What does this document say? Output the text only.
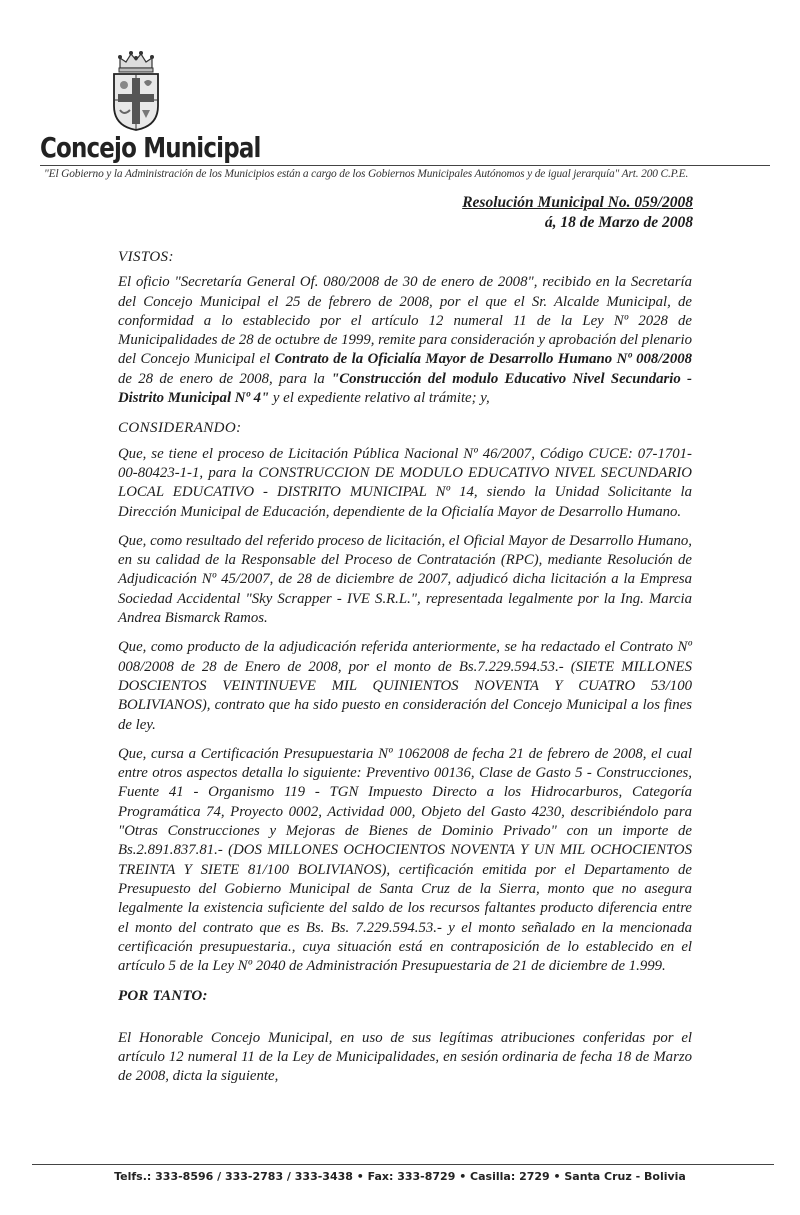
Concejo Municipal
"El Gobierno y la Administración de los Municipios están a cargo de los Gobiernos Municipales Autónomos y de igual jerarquía" Art. 200 C.P.E.
Resolución Municipal No. 059/2008
á, 18 de Marzo de 2008
VISTOS:

El oficio "Secretaría General Of. 080/2008 de 30 de enero de 2008", recibido en la Secretaría del Concejo Municipal el 25 de febrero de 2008, por el que el Sr. Alcalde Municipal, de conformidad a lo establecido por el artículo 12 numeral 11 de la Ley Nº 2028 de Municipalidades de 28 de octubre de 1999, remite para consideración y aprobación del plenario del Concejo Municipal el Contrato de la Oficialía Mayor de Desarrollo Humano Nº 008/2008 de 28 de enero de 2008, para la "Construcción del modulo Educativo Nivel Secundario - Distrito Municipal Nº 4" y el expediente relativo al trámite; y,

CONSIDERANDO:

Que, se tiene el proceso de Licitación Pública Nacional Nº 46/2007, Código CUCE: 07-1701-00-80423-1-1, para la CONSTRUCCION DE MODULO EDUCATIVO NIVEL SECUNDARIO LOCAL EDUCATIVO - DISTRITO MUNICIPAL Nº 14, siendo la Unidad Solicitante la Dirección Municipal de Educación, dependiente de la Oficialía Mayor de Desarrollo Humano.

Que, como resultado del referido proceso de licitación, el Oficial Mayor de Desarrollo Humano, en su calidad de la Responsable del Proceso de Contratación (RPC), mediante Resolución de Adjudicación Nº 45/2007, de 28 de diciembre de 2007, adjudicó dicha licitación a la Empresa Sociedad Accidental "Sky Scrapper - IVE S.R.L.", representada legalmente por la Ing. Marcia Andrea Bismarck Ramos.

Que, como producto de la adjudicación referida anteriormente, se ha redactado el Contrato Nº 008/2008 de 28 de Enero de 2008, por el monto de Bs.7.229.594.53.- (SIETE MILLONES DOSCIENTOS VEINTINUEVE MIL QUINIENTOS NOVENTA Y CUATRO 53/100 BOLIVIANOS), contrato que ha sido puesto en consideración del Concejo Municipal a los fines de ley.

Que, cursa a Certificación Presupuestaria Nº 1062008 de fecha 21 de febrero de 2008, el cual entre otros aspectos detalla lo siguiente: Preventivo 00136, Clase de Gasto 5 - Construcciones, Fuente 41 - Organismo 119 - TGN Impuesto Directo a los Hidrocarburos, Categoría Programática 74, Proyecto 0002, Actividad 000, Objeto del Gasto 4230, describiéndolo para "Otras Construcciones y Mejoras de Bienes de Dominio Privado" con un importe de Bs.2.891.837.81.- (DOS MILLONES OCHOCIENTOS NOVENTA Y UN MIL OCHOCIENTOS TREINTA Y SIETE 81/100 BOLIVIANOS), certificación emitida por el Departamento de Presupuesto del Gobierno Municipal de Santa Cruz de la Sierra, monto que no asegura legalmente la existencia suficiente del saldo de los recursos faltantes producto diferencia entre el monto del contrato que es Bs. Bs. 7.229.594.53.- y el monto señalado en la mencionada certificación presupuestaria., cuya situación está en contraposición de lo establecido en el artículo 5 de la Ley Nº 2040 de Administración Presupuestaria de 21 de diciembre de 1.999.

POR TANTO:

El Honorable Concejo Municipal, en uso de sus legítimas atribuciones conferidas por el artículo 12 numeral 11 de la Ley de Municipalidades, en sesión ordinaria de fecha 18 de Marzo de 2008, dicta la siguiente,

Telfs.: 333-8596 / 333-2783 / 333-3438 • Fax: 333-8729 • Casilla: 2729 • Santa Cruz - Bolivia
